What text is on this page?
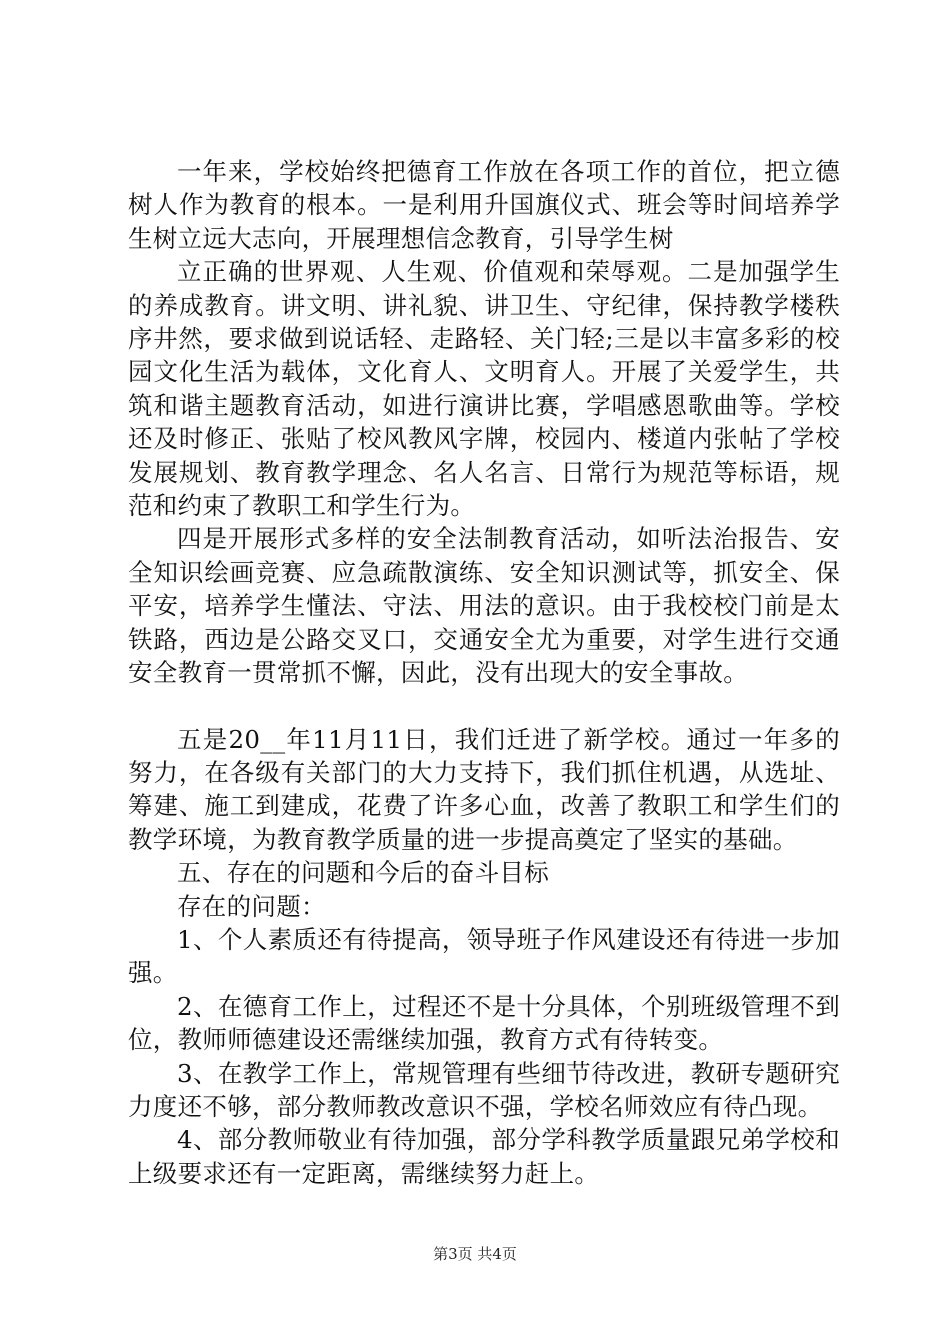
一年来，学校始终把德育工作放在各项工作的首位，把立德树人作为教育的根本。一是利用升国旗仪式、班会等时间培养学生树立远大志向，开展理想信念教育，引导学生树

立正确的世界观、人生观、价值观和荣辱观。二是加强学生的养成教育。讲文明、讲礼貌、讲卫生、守纪律，保持教学楼秩序井然，要求做到说话轻、走路轻、关门轻;三是以丰富多彩的校园文化生活为载体，文化育人、文明育人。开展了关爱学生，共筑和谐主题教育活动，如进行演讲比赛，学唱感恩歌曲等。学校还及时修正、张贴了校风教风字牌，校园内、楼道内张帖了学校发展规划、教育教学理念、名人名言、日常行为规范等标语，规范和约束了教职工和学生行为。

四是开展形式多样的安全法制教育活动，如听法治报告、安全知识绘画竞赛、应急疏散演练、安全知识测试等，抓安全、保平安，培养学生懂法、守法、用法的意识。由于我校校门前是太铁路，西边是公路交叉口，交通安全尤为重要，对学生进行交通安全教育一贯常抓不懈，因此，没有出现大的安全事故。

五是20__年11月11日，我们迁进了新学校。通过一年多的努力，在各级有关部门的大力支持下，我们抓住机遇，从选址、筹建、施工到建成，花费了许多心血，改善了教职工和学生们的教学环境，为教育教学质量的进一步提高奠定了坚实的基础。

五、存在的问题和今后的奋斗目标

存在的问题：

1、个人素质还有待提高，领导班子作风建设还有待进一步加强。

2、在德育工作上，过程还不是十分具体，个别班级管理不到位，教师师德建设还需继续加强，教育方式有待转变。

3、在教学工作上，常规管理有些细节待改进，教研专题研究力度还不够，部分教师教改意识不强，学校名师效应有待凸现。

4、部分教师敬业有待加强，部分学科教学质量跟兄弟学校和上级要求还有一定距离，需继续努力赶上。

第3页 共4页
